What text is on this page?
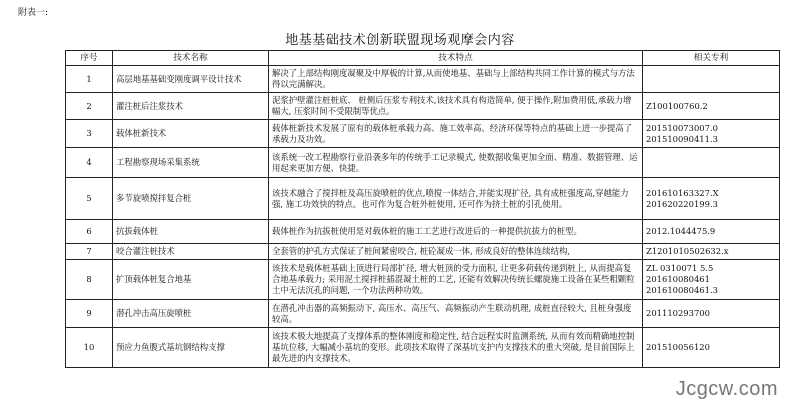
附表一:
地基基础技术创新联盟现场观摩会内容
序号	技术名称	技术特点	相关专利
1	高层地基基础变刚度调平设计技术	解决了上部结构刚度凝聚及中厚板的计算,从而使地基、基础与上部结构共同工作计算的模式与方法得以完满解决。	
2	灌注桩后注浆技术	泥浆护壁灌注桩桩底、 桩侧后压浆专利技术,该技术具有构造简单, 便于操作,附加费用低,承载力增幅大, 压浆时间不受限制等优点。	Z100100760.2
3	载体桩新技术	载体桩新技术发展了原有的载体桩承载力高、施工效率高、经济环保等特点的基础上进一步提高了承载力及功效。	201510073007.0
201510090411.3
4	工程勘察现场采集系统	该系统一改工程勘察行业沿袭多年的传统手工记录模式, 使数据收集更加全面、精准、数据管理、运用起来更加方便、快捷。	
5	多节旋喷搅拌复合桩	该技术融合了搅拌桩及高压旋喷桩的优点,喷搅一体结合,并能实现扩径, 具有成桩强度高,穿越能力强, 施工功效快的特点。也可作为复合桩外桩使用, 还可作为挤土桩的引孔使用。	201610163327.X
201620220199.3
6	抗拔载体桩	载体桩作为抗拔桩使用是对载体桩的施工工艺进行改进后的一种提供抗拔力的桩型。	2012.1044475.9
7	咬合灌注桩技术	全套管的护孔方式保证了桩间紧密咬合, 桩砼凝成一体, 形成良好的整体连续结构,	Z1201010502632.x
8	扩顶载体桩复合地基	该技术是载体桩基础上顶进行局部扩径, 增大桩顶的受力面积, 让更多荷载传递到桩上, 从而提高复合地基承载力; 采用泥土搅拌桩插混凝土桩的工艺, 还能有效解决传统长螺旋施工设备在某些粗颗粒土中无法沉孔的问题, 一个功法两种功效。	ZL 0310071 5.5
201610080461
201610080461.3
9	潜孔冲击高压旋喷桩	在潜孔冲击器的高频振动下, 高压水、高压气、高频振动产生联动机理, 成桩直径较大, 且桩身强度较高。	201110293700
10	预应力鱼腹式基坑钢结构支撑	该技术极大地提高了支撑体系的整体刚度和稳定性, 结合远程实时监测系统, 从而有效而精确地控制基坑位移, 大幅减小基坑的变形。此项技术取得了深基坑支护内支撑技术的重大突破, 是目前国际上最先进的内支撑技术。	201510056120
Jcgcw.com
